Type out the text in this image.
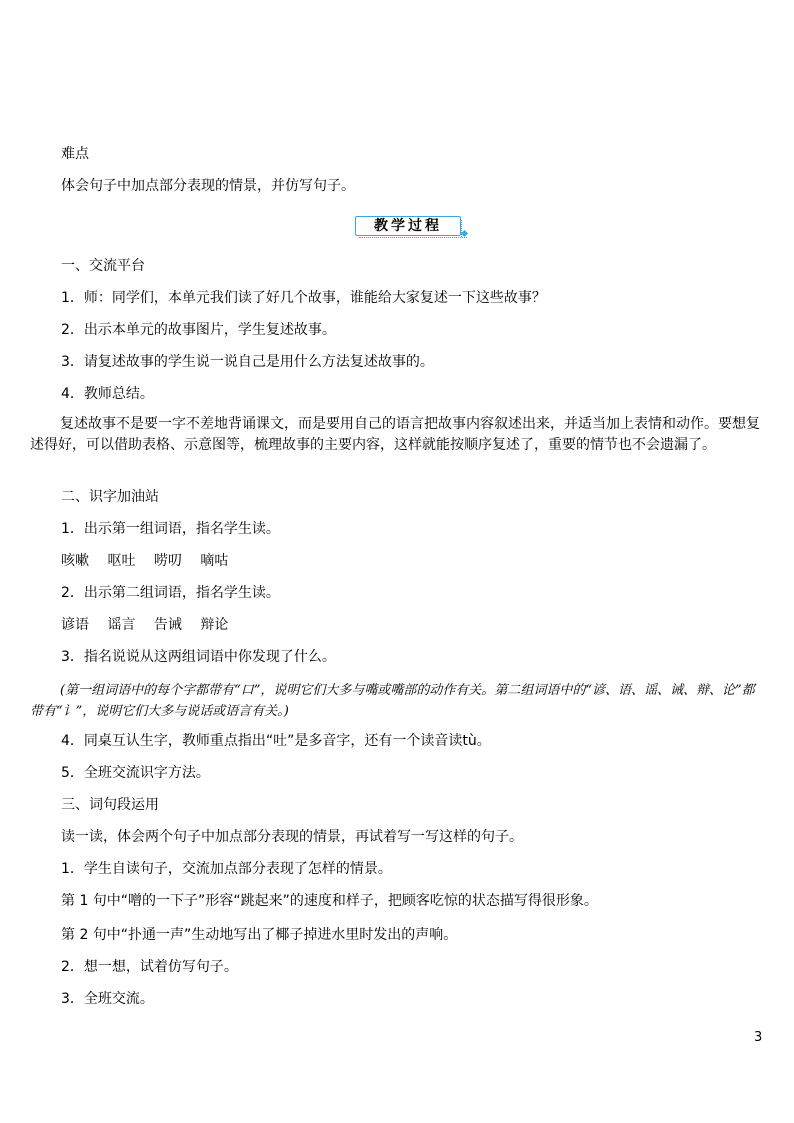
难点
体会句子中加点部分表现的情景，并仿写句子。
教学过程
一、交流平台
1．师：同学们，本单元我们读了好几个故事，谁能给大家复述一下这些故事？
2．出示本单元的故事图片，学生复述故事。
3．请复述故事的学生说一说自己是用什么方法复述故事的。
4．教师总结。
复述故事不是要一字不差地背诵课文，而是要用自己的语言把故事内容叙述出来，并适当加上表情和动作。要想复述得好，可以借助表格、示意图等，梳理故事的主要内容，这样就能按顺序复述了，重要的情节也不会遗漏了。
二、识字加油站
1．出示第一组词语，指名学生读。
咳嗽 呕吐 唠叨 嘀咕
2．出示第二组词语，指名学生读。
谚语 谣言 告诫 辩论
3．指名说说从这两组词语中你发现了什么。
(第一组词语中的每个字都带有“口”，说明它们大多与嘴或嘴部的动作有关。第二组词语中的“谚、语、谣、诫、辩、论”都带有“讠”，说明它们大多与说话或语言有关。)
4．同桌互认生字，教师重点指出“吐”是多音字，还有一个读音读tù。
5．全班交流识字方法。
三、词句段运用
读一读，体会两个句子中加点部分表现的情景，再试着写一写这样的句子。
1．学生自读句子，交流加点部分表现了怎样的情景。
第 1 句中“噌的一下子”形容“跳起来”的速度和样子，把顾客吃惊的状态描写得很形象。
第 2 句中“扑通一声”生动地写出了椰子掉进水里时发出的声响。
2．想一想，试着仿写句子。
3．全班交流。
3
